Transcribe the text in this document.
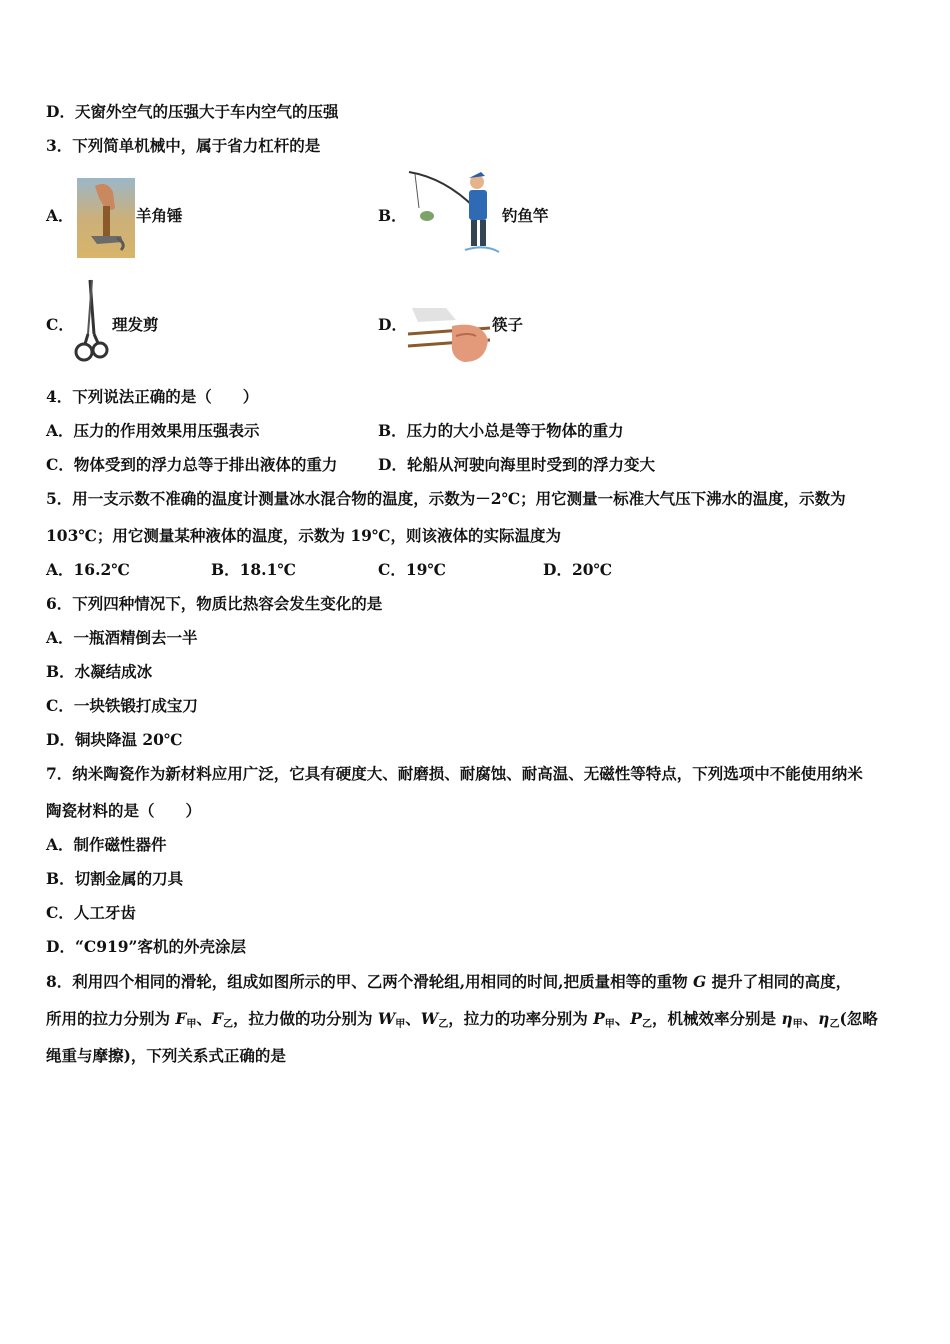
D．天窗外空气的压强大于车内空气的压强
3．下列简单机械中，属于省力杠杆的是
A．	羊角锤	B．	钓鱼竿
C． 理发剪	D．	筷子
4．下列说法正确的是（　　）
A．压力的作用效果用压强表示	B．压力的大小总是等于物体的重力
C．物体受到的浮力总等于排出液体的重力	D．轮船从河驶向海里时受到的浮力变大
5．用一支示数不准确的温度计测量冰水混合物的温度，示数为－2℃；用它测量一标准大气压下沸水的温度，示数为
103℃；用它测量某种液体的温度，示数为 19℃，则该液体的实际温度为
A．16.2℃	B．18.1℃	C．19℃	D．20℃
6．下列四种情况下，物质比热容会发生变化的是
A．一瓶酒精倒去一半
B．水凝结成冰
C．一块铁锻打成宝刀
D．铜块降温 20℃
7．纳米陶瓷作为新材料应用广泛，它具有硬度大、耐磨损、耐腐蚀、耐高温、无磁性等特点，下列选项中不能使用纳米
陶瓷材料的是（　　）
A．制作磁性器件
B．切割金属的刀具
C．人工牙齿
D．“C919”客机的外壳涂层
8．利用四个相同的滑轮，组成如图所示的甲、乙两个滑轮组,用相同的时间,把质量相等的重物 G 提升了相同的高度，
所用的拉力分别为 F甲、F乙，拉力做的功分别为 W甲、W乙，拉力的功率分别为 P甲、P乙，机械效率分别是 η甲、η乙(忽略
绳重与摩擦)，下列关系式正确的是
